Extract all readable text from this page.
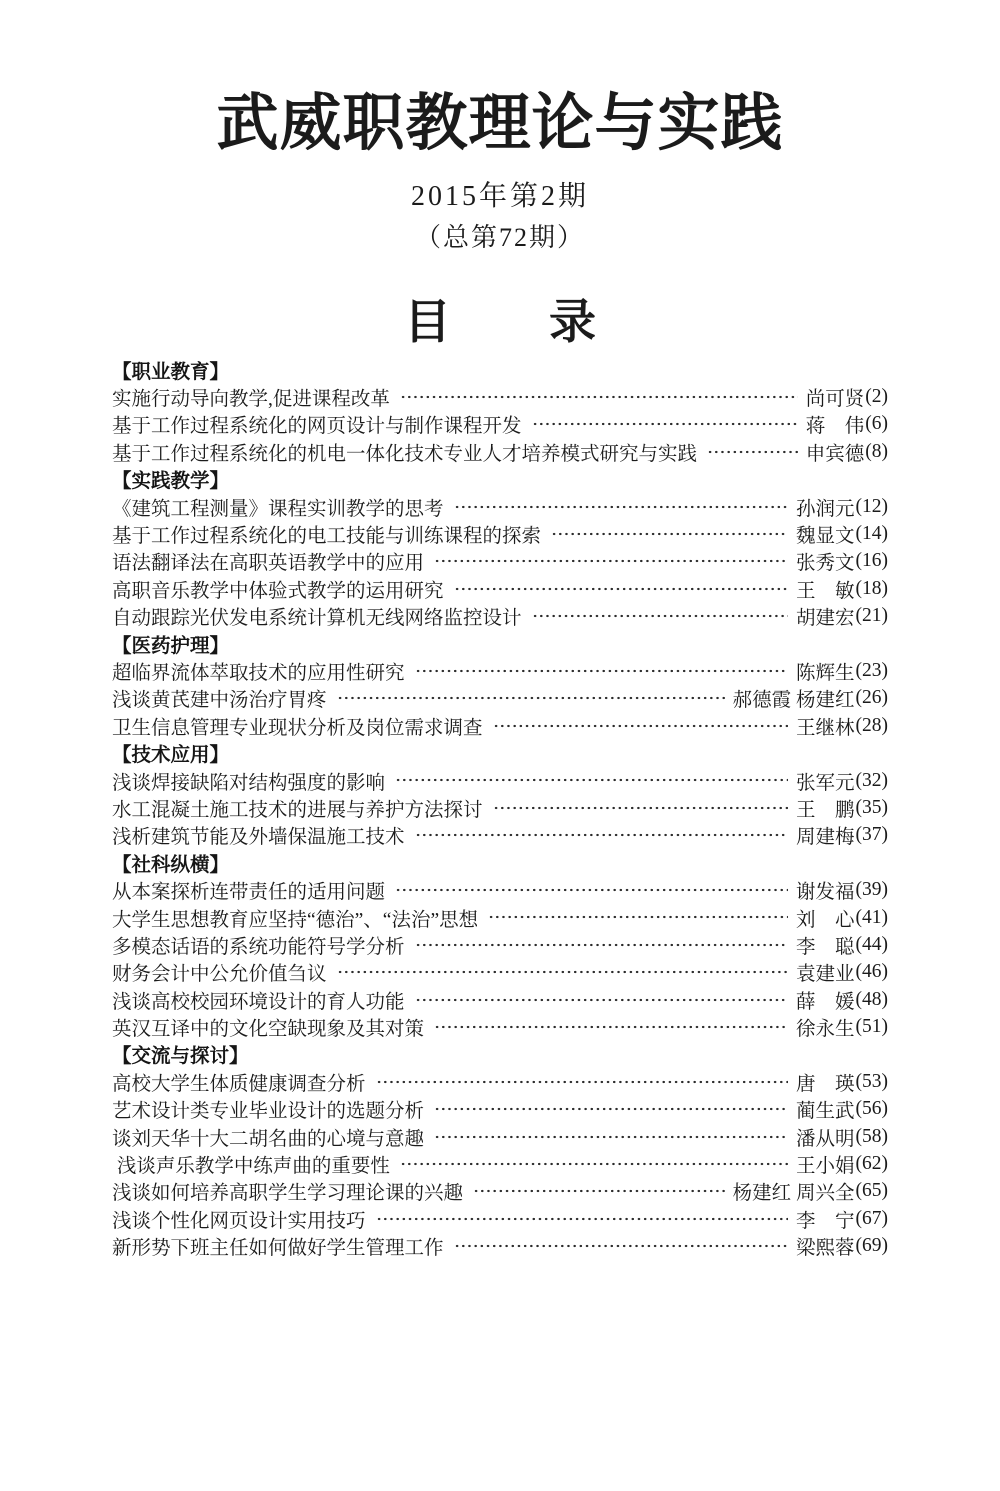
武威职教理论与实践
2015年第2期
（总第72期）
目录
【职业教育】
实施行动导向教学,促进课程改革	尚可贤 (2)
基于工作过程系统化的网页设计与制作课程开发	蒋　伟 (6)
基于工作过程系统化的机电一体化技术专业人才培养模式研究与实践	申宾德 (8)
【实践教学】
《建筑工程测量》课程实训教学的思考	孙润元 (12)
基于工作过程系统化的电工技能与训练课程的探索	魏显文 (14)
语法翻译法在高职英语教学中的应用	张秀文 (16)
高职音乐教学中体验式教学的运用研究	王　敏 (18)
自动跟踪光伏发电系统计算机无线网络监控设计	胡建宏 (21)
【医药护理】
超临界流体萃取技术的应用性研究	陈辉生 (23)
浅谈黄芪建中汤治疗胃疼	郝德霞 杨建红 (26)
卫生信息管理专业现状分析及岗位需求调查	王继林 (28)
【技术应用】
浅谈焊接缺陷对结构强度的影响	张军元 (32)
水工混凝土施工技术的进展与养护方法探讨	王　鹏 (35)
浅析建筑节能及外墙保温施工技术	周建梅 (37)
【社科纵横】
从本案探析连带责任的适用问题	谢发福 (39)
大学生思想教育应坚持“德治”、“法治”思想	刘　心 (41)
多模态话语的系统功能符号学分析	李　聪 (44)
财务会计中公允价值刍议	袁建业 (46)
浅谈高校校园环境设计的育人功能	薛　媛 (48)
英汉互译中的文化空缺现象及其对策	徐永生 (51)
【交流与探讨】
高校大学生体质健康调查分析	唐　瑛 (53)
艺术设计类专业毕业设计的选题分析	蔺生武 (56)
谈刘天华十大二胡名曲的心境与意趣	潘从明 (58)
浅谈声乐教学中练声曲的重要性	王小娟 (62)
浅谈如何培养高职学生学习理论课的兴趣	杨建红 周兴全 (65)
浅谈个性化网页设计实用技巧	李　宁 (67)
新形势下班主任如何做好学生管理工作	梁熙蓉 (69)
